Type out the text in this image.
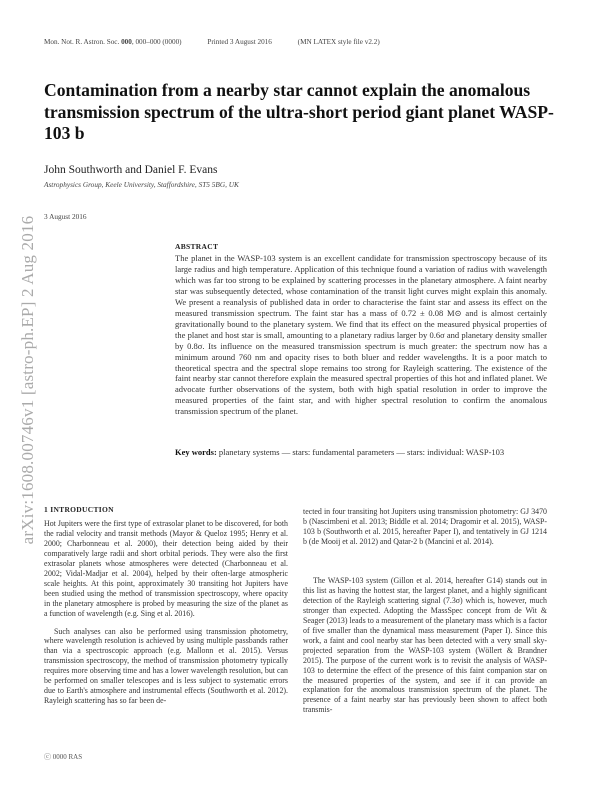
arXiv:1608.00746v1 [astro-ph.EP] 2 Aug 2016
Mon. Not. R. Astron. Soc. 000, 000–000 (0000)	Printed 3 August 2016	(MN LATEX style file v2.2)
Contamination from a nearby star cannot explain the anomalous transmission spectrum of the ultra-short period giant planet WASP-103 b
John Southworth and Daniel F. Evans
Astrophysics Group, Keele University, Staffordshire, ST5 5BG, UK
3 August 2016
ABSTRACT
The planet in the WASP-103 system is an excellent candidate for transmission spectroscopy because of its large radius and high temperature. Application of this technique found a variation of radius with wavelength which was far too strong to be explained by scattering processes in the planetary atmosphere. A faint nearby star was subsequently detected, whose contamination of the transit light curves might explain this anomaly. We present a reanalysis of published data in order to characterise the faint star and assess its effect on the measured transmission spectrum. The faint star has a mass of 0.72 ± 0.08 M⊙ and is almost certainly gravitationally bound to the planetary system. We find that its effect on the measured physical properties of the planet and host star is small, amounting to a planetary radius larger by 0.6σ and planetary density smaller by 0.8σ. Its influence on the measured transmission spectrum is much greater: the spectrum now has a minimum around 760 nm and opacity rises to both bluer and redder wavelengths. It is a poor match to theoretical spectra and the spectral slope remains too strong for Rayleigh scattering. The existence of the faint nearby star cannot therefore explain the measured spectral properties of this hot and inflated planet. We advocate further observations of the system, both with high spatial resolution in order to improve the measured properties of the faint star, and with higher spectral resolution to confirm the anomalous transmission spectrum of the planet.
Key words: planetary systems — stars: fundamental parameters — stars: individual: WASP-103
1 INTRODUCTION

Hot Jupiters were the first type of extrasolar planet to be discovered, for both the radial velocity and transit methods (Mayor & Queloz 1995; Henry et al. 2000; Charbonneau et al. 2000), their detection being aided by their comparatively large radii and short orbital periods. They were also the first extrasolar planets whose atmospheres were detected (Charbonneau et al. 2002; Vidal-Madjar et al. 2004), helped by their often-large atmospheric scale heights. At this point, approximately 30 transiting hot Jupiters have been studied using the method of transmission spectroscopy, where opacity in the planetary atmosphere is probed by measuring the size of the planet as a function of wavelength (e.g. Sing et al. 2016).

Such analyses can also be performed using transmission photometry, where wavelength resolution is achieved by using multiple passbands rather than via a spectroscopic approach (e.g. Mallonn et al. 2015). Versus transmission spectroscopy, the method of transmission photometry typically requires more observing time and has a lower wavelength resolution, but can be performed on smaller telescopes and is less subject to systematic errors due to Earth's atmosphere and instrumental effects (Southworth et al. 2012). Rayleigh scattering has so far been de-

tected in four transiting hot Jupiters using transmission photometry: GJ 3470 b (Nascimbeni et al. 2013; Biddle et al. 2014; Dragomir et al. 2015), WASP-103 b (Southworth et al. 2015, hereafter Paper I), and tentatively in GJ 1214 b (de Mooij et al. 2012) and Qatar-2 b (Mancini et al. 2014).

The WASP-103 system (Gillon et al. 2014, hereafter G14) stands out in this list as having the hottest star, the largest planet, and a highly significant detection of the Rayleigh scattering signal (7.3σ) which is, however, much stronger than expected. Adopting the MassSpec concept from de Wit & Seager (2013) leads to a measurement of the planetary mass which is a factor of five smaller than the dynamical mass measurement (Paper I). Since this work, a faint and cool nearby star has been detected with a very small sky-projected separation from the WASP-103 system (Wöllert & Brandner 2015). The purpose of the current work is to revisit the analysis of WASP-103 to determine the effect of the presence of this faint companion star on the measured properties of the system, and see if it can provide an explanation for the anomalous transmission spectrum of the planet. The presence of a faint nearby star has previously been shown to affect both transmis-

ⓒ 0000 RAS
